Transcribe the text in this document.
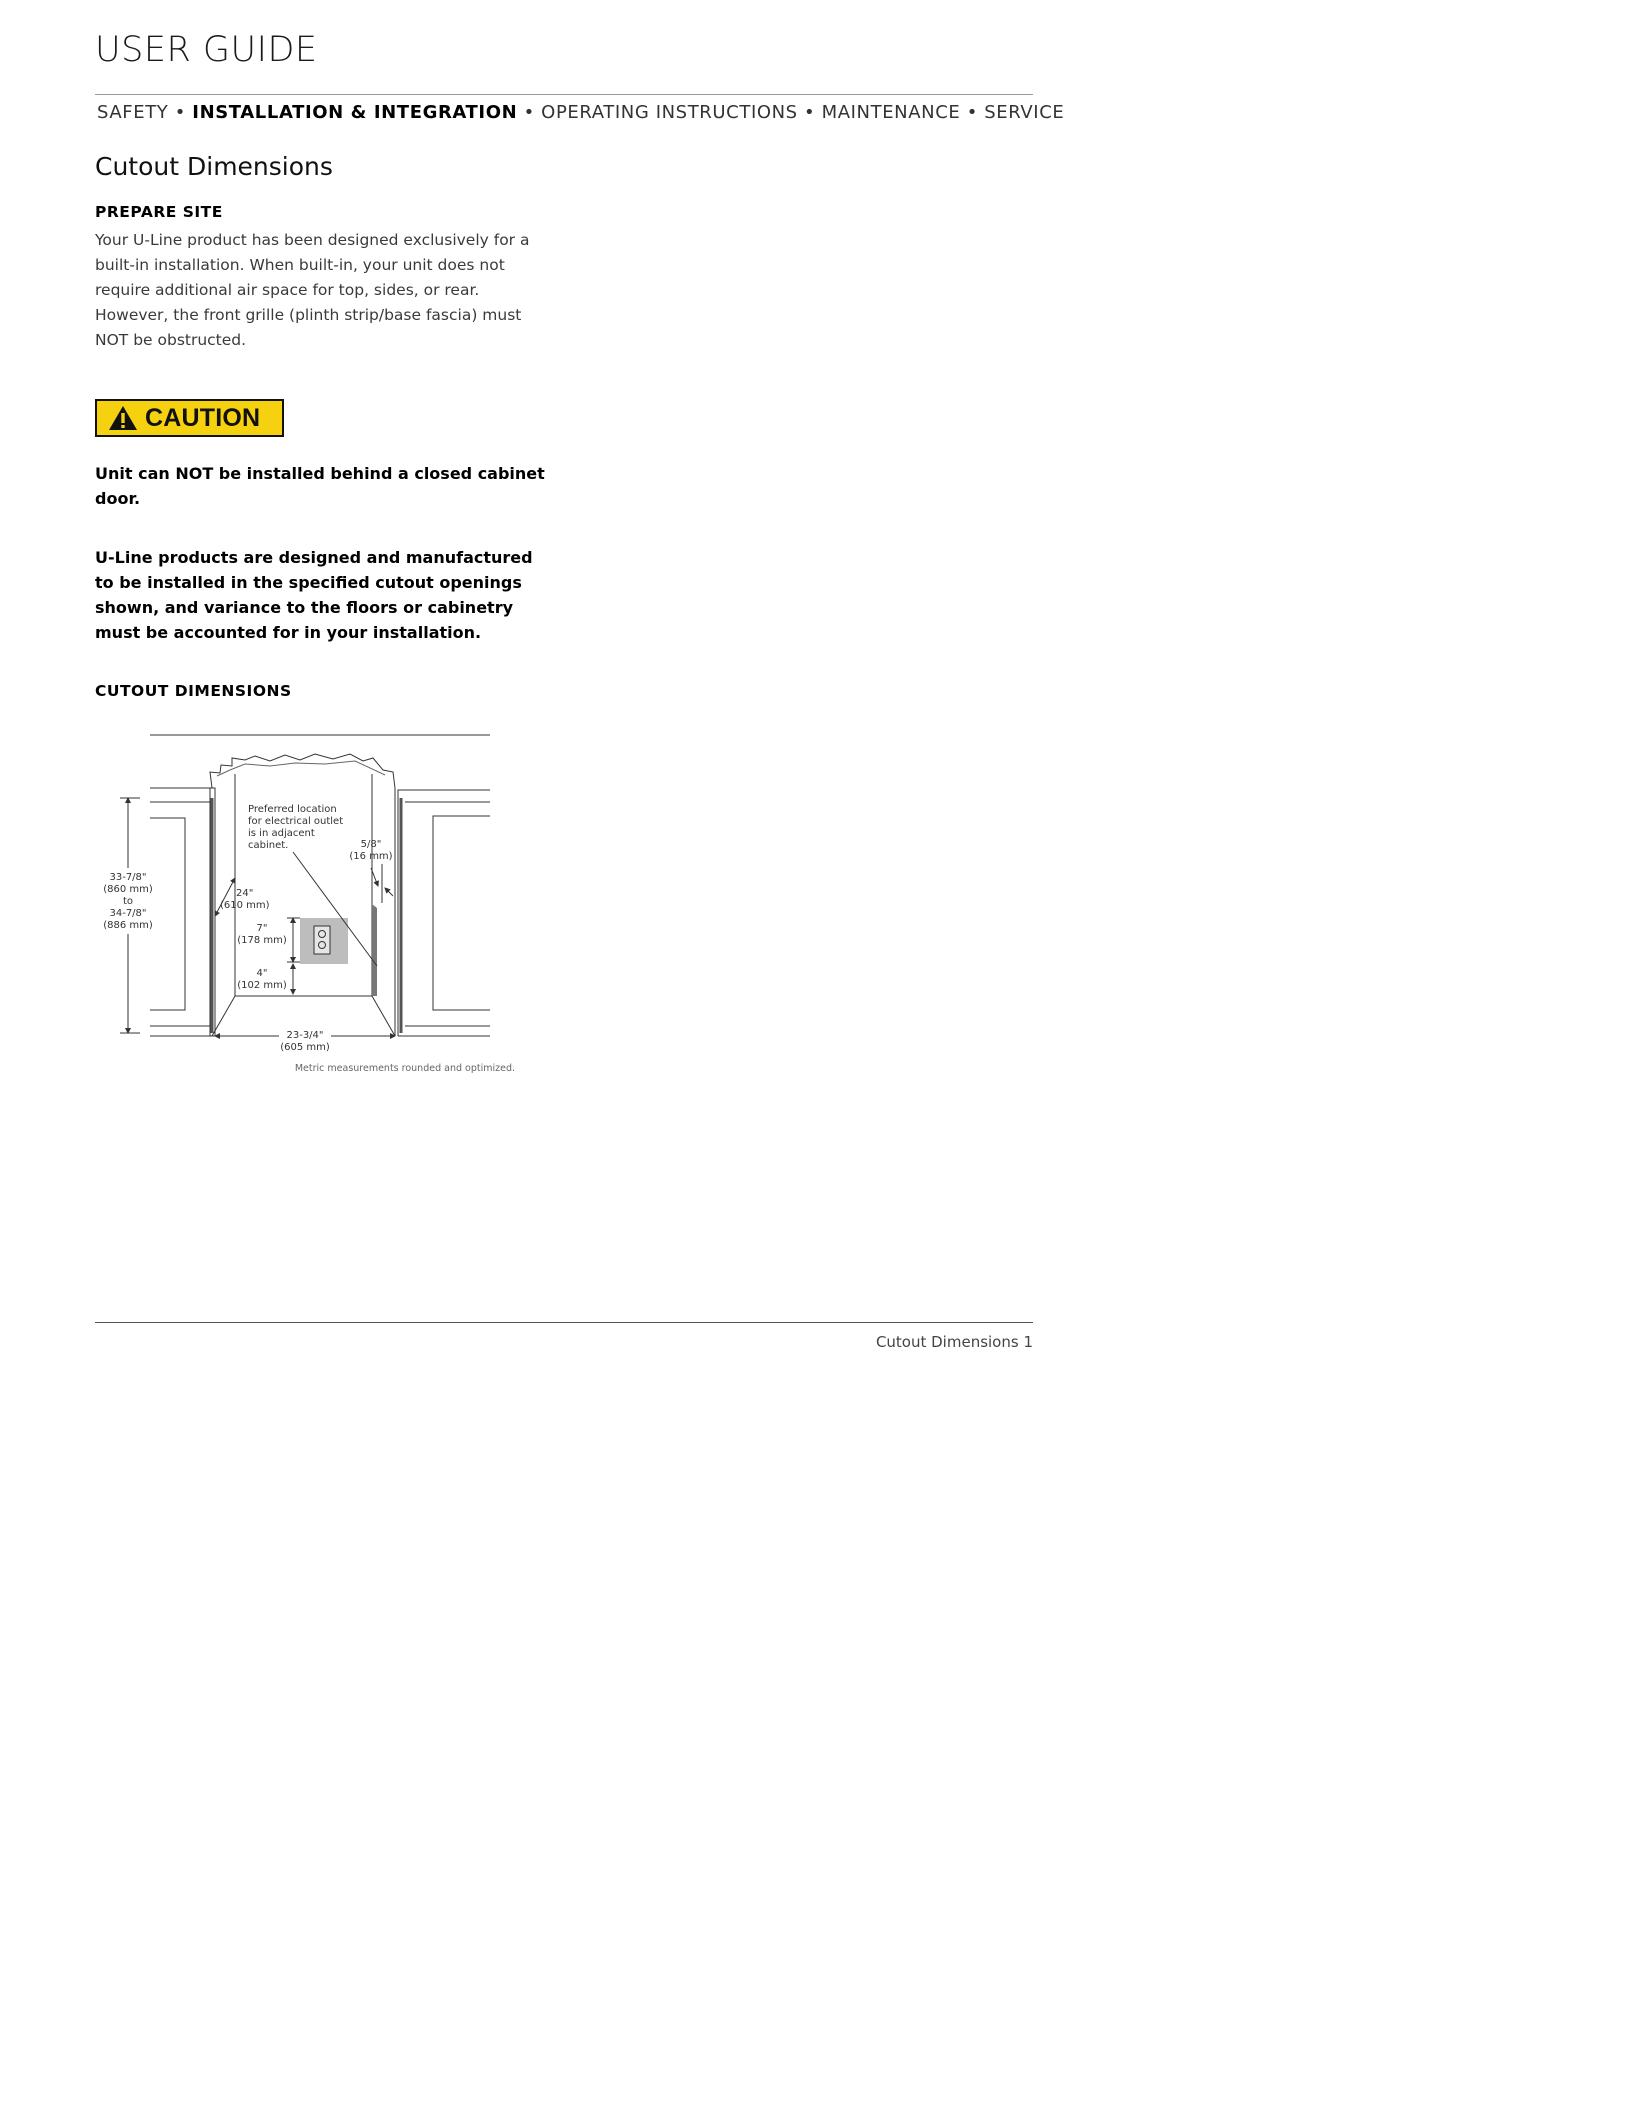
USER GUIDE
SAFETY • INSTALLATION & INTEGRATION • OPERATING INSTRUCTIONS • MAINTENANCE • SERVICE
Cutout Dimensions
PREPARE SITE
Your U-Line product has been designed exclusively for a built-in installation. When built-in, your unit does not require additional air space for top, sides, or rear. However, the front grille (plinth strip/base fascia) must NOT be obstructed.
CAUTION
Unit can NOT be installed behind a closed cabinet door.
U-Line products are designed and manufactured to be installed in the specified cutout openings shown, and variance to the floors or cabinetry must be accounted for in your installation.
CUTOUT DIMENSIONS
Preferred location
for electrical outlet
is in adjacent
cabinet.
33-7/8"
(860 mm)
to
34-7/8"
(886 mm)
24"
(610 mm)
5/8"
(16 mm)
7"
(178 mm)
4"
(102 mm)
23-3/4"
(605 mm)
Metric measurements rounded and optimized.
Cutout Dimensions 1
